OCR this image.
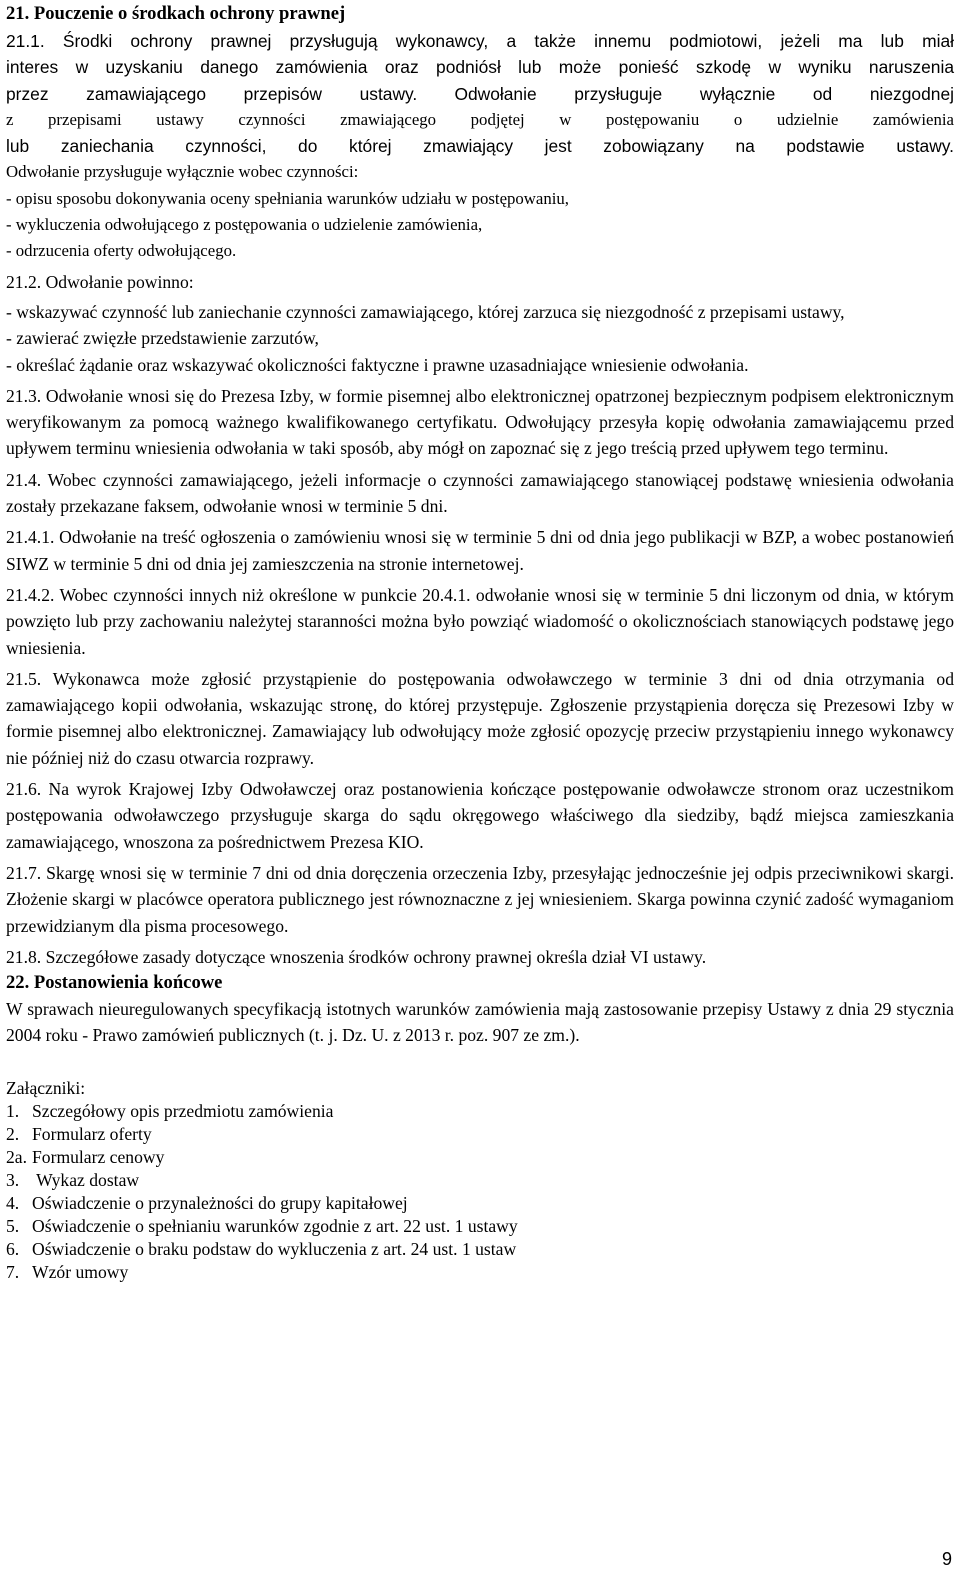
21. Pouczenie o środkach ochrony prawnej
21.1. Środki ochrony prawnej przysługują wykonawcy, a także innemu podmiotowi, jeżeli ma lub miał
interes w uzyskaniu danego zamówienia oraz podniósł lub może ponieść szkodę w wyniku naruszenia
przez zamawiającego przepisów ustawy. Odwołanie przysługuje wyłącznie od niezgodnej
z przepisami ustawy czynności zmawiającego podjętej w postępowaniu o udzielnie zamówienia
lub zaniechania czynności, do której zmawiający jest zobowiązany na podstawie ustawy.
Odwołanie przysługuje wyłącznie wobec czynności:
- opisu sposobu dokonywania oceny spełniania warunków udziału w postępowaniu,
- wykluczenia odwołującego z postępowania o udzielenie zamówienia,
- odrzucenia oferty odwołującego.
21.2. Odwołanie powinno:
- wskazywać czynność lub zaniechanie czynności zamawiającego, której zarzuca się niezgodność z przepisami ustawy,
- zawierać zwięzłe przedstawienie zarzutów,
- określać żądanie oraz wskazywać okoliczności faktyczne i prawne uzasadniające wniesienie odwołania.

21.3. Odwołanie wnosi się do Prezesa Izby, w formie pisemnej albo elektronicznej opatrzonej bezpiecznym podpisem elektronicznym weryfikowanym za pomocą ważnego kwalifikowanego certyfikatu. Odwołujący przesyła kopię odwołania zamawiającemu przed upływem terminu wniesienia odwołania w taki sposób, aby mógł on zapoznać się z jego treścią przed upływem tego terminu.

21.4. Wobec czynności zamawiającego, jeżeli informacje o czynności zamawiającego stanowiącej podstawę wniesienia odwołania zostały przekazane faksem, odwołanie wnosi w terminie 5 dni.

21.4.1. Odwołanie na treść ogłoszenia o zamówieniu wnosi się w terminie 5 dni od dnia jego publikacji w BZP, a wobec postanowień SIWZ w terminie 5 dni od dnia jej zamieszczenia na stronie internetowej.

21.4.2. Wobec czynności innych niż określone w punkcie 20.4.1. odwołanie wnosi się w terminie 5 dni liczonym od dnia, w którym powzięto lub przy zachowaniu należytej staranności można było powziąć wiadomość o okolicznościach stanowiących podstawę jego wniesienia.

21.5. Wykonawca może zgłosić przystąpienie do postępowania odwoławczego w terminie 3 dni od dnia otrzymania od zamawiającego kopii odwołania, wskazując stronę, do której przystępuje. Zgłoszenie przystąpienia doręcza się Prezesowi Izby w formie pisemnej albo elektronicznej. Zamawiający lub odwołujący może zgłosić opozycję przeciw przystąpieniu innego wykonawcy nie później niż do czasu otwarcia rozprawy.

21.6. Na wyrok Krajowej Izby Odwoławczej oraz postanowienia kończące postępowanie odwoławcze stronom oraz uczestnikom postępowania odwoławczego przysługuje skarga do sądu okręgowego właściwego dla siedziby, bądź miejsca zamieszkania zamawiającego, wnoszona za pośrednictwem Prezesa KIO.

21.7. Skargę wnosi się w terminie 7 dni od dnia doręczenia orzeczenia Izby, przesyłając jednocześnie jej odpis przeciwnikowi skargi. Złożenie skargi w placówce operatora publicznego jest równoznaczne z jej wniesieniem. Skarga powinna czynić zadość wymaganiom przewidzianym dla pisma procesowego.

21.8. Szczegółowe zasady dotyczące wnoszenia środków ochrony prawnej określa dział VI ustawy.

22. Postanowienia końcowe

W sprawach nieuregulowanych specyfikacją istotnych warunków zamówienia mają zastosowanie przepisy Ustawy z dnia 29 stycznia 2004 roku - Prawo zamówień publicznych (t. j. Dz. U. z 2013 r. poz. 907 ze zm.).

Załączniki:
1. Szczegółowy opis przedmiotu zamówienia
2. Formularz oferty
2a. Formularz cenowy
3. Wykaz dostaw
4. Oświadczenie o przynależności do grupy kapitałowej
5. Oświadczenie o spełnianiu warunków zgodnie z art. 22 ust. 1 ustawy
6. Oświadczenie o braku podstaw do wykluczenia z art. 24 ust. 1 ustaw
7. Wzór umowy
9
